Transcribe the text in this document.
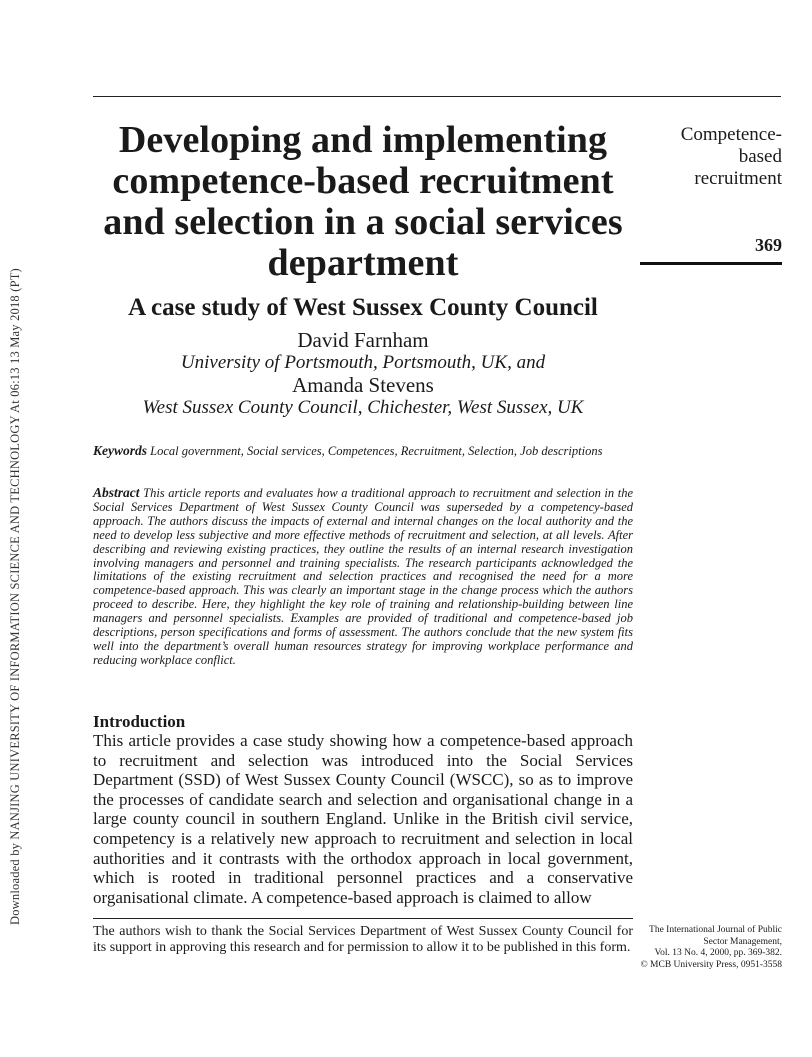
Downloaded by NANJING UNIVERSITY OF INFORMATION SCIENCE AND TECHNOLOGY At 06:13 13 May 2018 (PT)
Developing and implementing competence-based recruitment and selection in a social services department
A case study of West Sussex County Council
David Farnham
University of Portsmouth, Portsmouth, UK, and
Amanda Stevens
West Sussex County Council, Chichester, West Sussex, UK
Competence-
based
recruitment
369
Keywords Local government, Social services, Competences, Recruitment, Selection, Job descriptions
Abstract This article reports and evaluates how a traditional approach to recruitment and selection in the Social Services Department of West Sussex County Council was superseded by a competency-based approach. The authors discuss the impacts of external and internal changes on the local authority and the need to develop less subjective and more effective methods of recruitment and selection, at all levels. After describing and reviewing existing practices, they outline the results of an internal research investigation involving managers and personnel and training specialists. The research participants acknowledged the limitations of the existing recruitment and selection practices and recognised the need for a more competence-based approach. This was clearly an important stage in the change process which the authors proceed to describe. Here, they highlight the key role of training and relationship-building between line managers and personnel specialists. Examples are provided of traditional and competence-based job descriptions, person specifications and forms of assessment. The authors conclude that the new system fits well into the department’s overall human resources strategy for improving workplace performance and reducing workplace conflict.
Introduction

This article provides a case study showing how a competence-based approach to recruitment and selection was introduced into the Social Services Department (SSD) of West Sussex County Council (WSCC), so as to improve the processes of candidate search and selection and organisational change in a large county council in southern England. Unlike in the British civil service, competency is a relatively new approach to recruitment and selection in local authorities and it contrasts with the orthodox approach in local government, which is rooted in traditional personnel practices and a conservative organisational climate. A competence-based approach is claimed to allow

The authors wish to thank the Social Services Department of West Sussex County Council for its support in approving this research and for permission to allow it to be published in this form.

The International Journal of Public
Sector Management,
Vol. 13 No. 4, 2000, pp. 369-382.
© MCB University Press, 0951-3558
